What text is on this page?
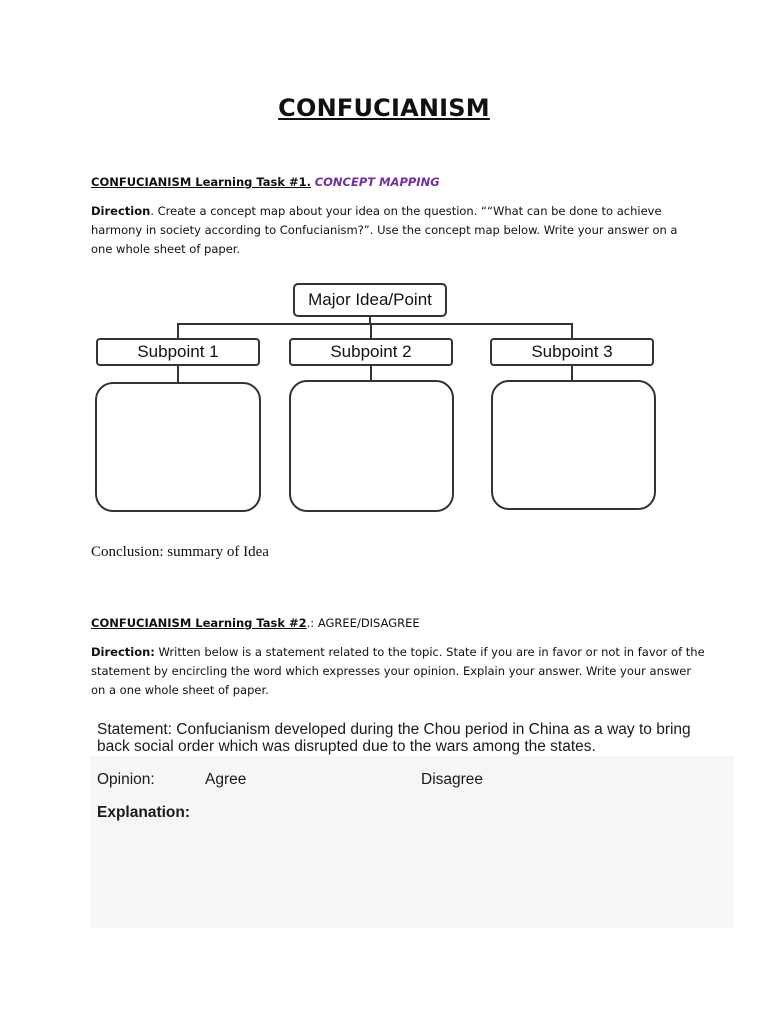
CONFUCIANISM
CONFUCIANISM Learning Task #1. CONCEPT MAPPING
Direction. Create a concept map about your idea on the question. ““What can be done to achieve
harmony in society according to Confucianism?”. Use the concept map below. Write your answer on a
one whole sheet of paper.
Major Idea/Point
Subpoint 1	Subpoint 2	Subpoint 3
Conclusion: summary of Idea
CONFUCIANISM Learning Task #2.: AGREE/DISAGREE
Direction: Written below is a statement related to the topic. State if you are in favor or not in favor of the
statement by encircling the word which expresses your opinion. Explain your answer. Write your answer
on a one whole sheet of paper.
Statement: Confucianism developed during the Chou period in China as a way to bring
back social order which was disrupted due to the wars among the states.
Opinion:	Agree	Disagree
Explanation:
